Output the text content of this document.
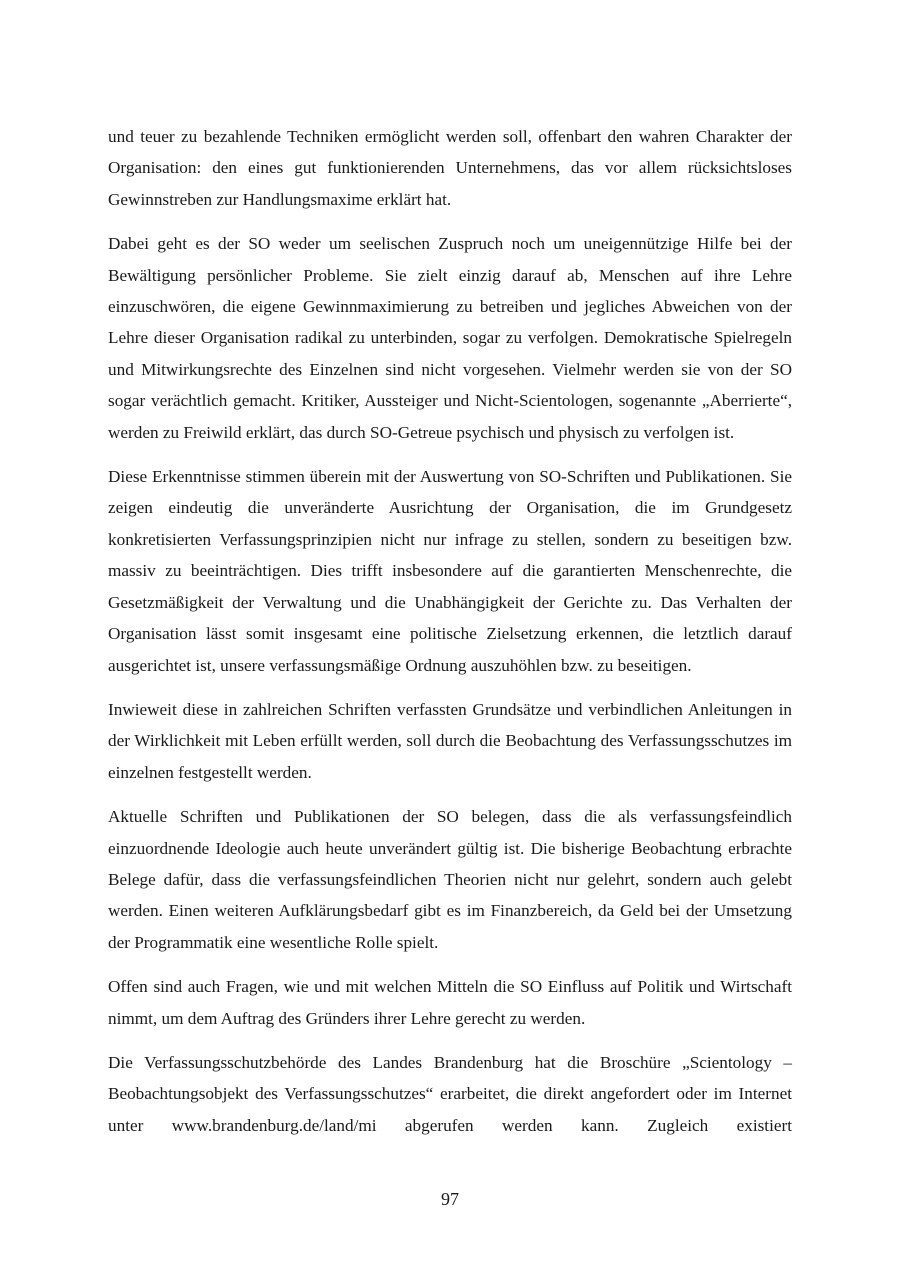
und teuer zu bezahlende Techniken ermöglicht werden soll, offenbart den wahren Charakter der Organisation: den eines gut funktionierenden Unternehmens, das vor allem rücksichtsloses Gewinnstreben zur Handlungsmaxime erklärt hat.

Dabei geht es der SO weder um seelischen Zuspruch noch um uneigennützige Hilfe bei der Bewältigung persönlicher Probleme. Sie zielt einzig darauf ab, Menschen auf ihre Lehre einzuschwören, die eigene Gewinnmaximierung zu betreiben und jegliches Abweichen von der Lehre dieser Organisation radikal zu unterbinden, sogar zu verfolgen. Demokratische Spielregeln und Mitwirkungsrechte des Einzelnen sind nicht vorgesehen. Vielmehr werden sie von der SO sogar verächtlich gemacht. Kritiker, Aussteiger und Nicht-Scientologen, sogenannte „Aberrierte“, werden zu Freiwild erklärt, das durch SO-Getreue psychisch und physisch zu verfolgen ist.

Diese Erkenntnisse stimmen überein mit der Auswertung von SO-Schriften und Publikationen. Sie zeigen eindeutig die unveränderte Ausrichtung der Organisation, die im Grundgesetz konkretisierten Verfassungsprinzipien nicht nur infrage zu stellen, sondern zu beseitigen bzw. massiv zu beeinträchtigen. Dies trifft insbesondere auf die garantierten Menschenrechte, die Gesetzmäßigkeit der Verwaltung und die Unabhängigkeit der Gerichte zu. Das Verhalten der Organisation lässt somit insgesamt eine politische Zielsetzung erkennen, die letztlich darauf ausgerichtet ist, unsere verfassungsmäßige Ordnung auszuhöhlen bzw. zu beseitigen.

Inwieweit diese in zahlreichen Schriften verfassten Grundsätze und verbindlichen Anleitungen in der Wirklichkeit mit Leben erfüllt werden, soll durch die Beobachtung des Verfassungsschutzes im einzelnen festgestellt werden.

Aktuelle Schriften und Publikationen der SO belegen, dass die als verfassungsfeindlich einzuordnende Ideologie auch heute unverändert gültig ist. Die bisherige Beobachtung erbrachte Belege dafür, dass die verfassungsfeindlichen Theorien nicht nur gelehrt, sondern auch gelebt werden. Einen weiteren Aufklärungsbedarf gibt es im Finanzbereich, da Geld bei der Umsetzung der Programmatik eine wesentliche Rolle spielt.

Offen sind auch Fragen, wie und mit welchen Mitteln die SO Einfluss auf Politik und Wirtschaft nimmt, um dem Auftrag des Gründers ihrer Lehre gerecht zu werden.

Die Verfassungsschutzbehörde des Landes Brandenburg hat die Broschüre „Scientology – Beobachtungsobjekt des Verfassungsschutzes“ erarbeitet, die direkt angefordert oder im Internet unter www.brandenburg.de/land/mi abgerufen werden kann. Zugleich existiert

97
